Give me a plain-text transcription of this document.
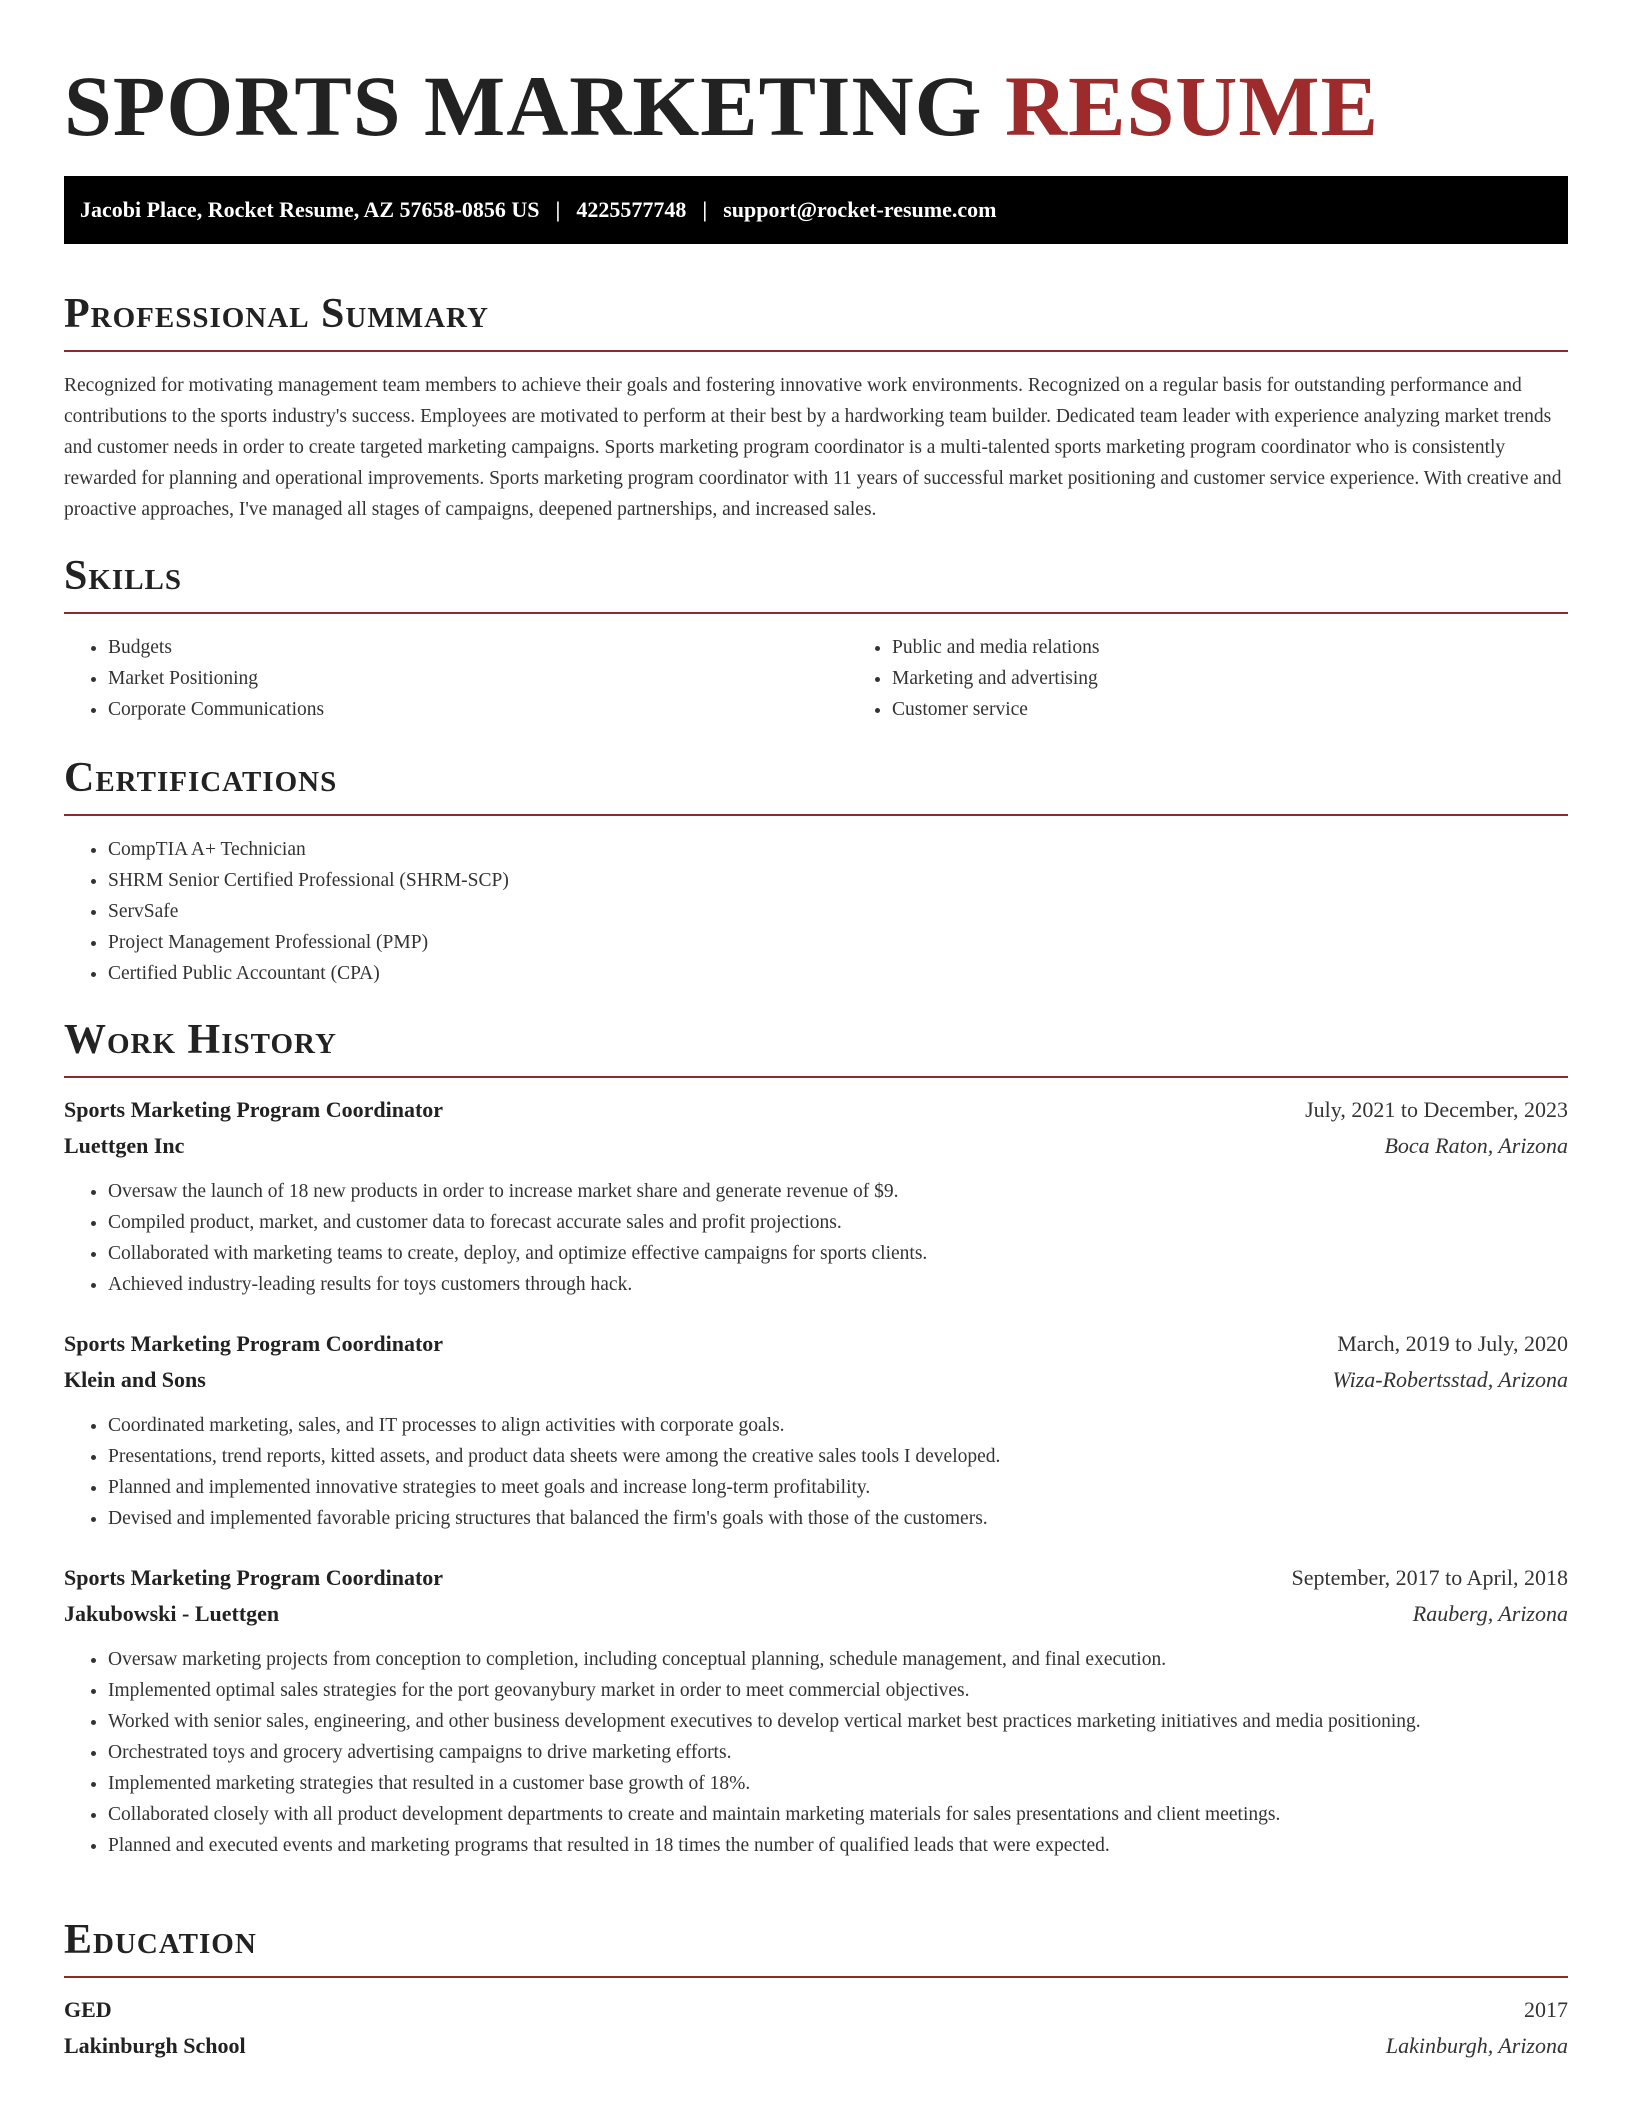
SPORTS MARKETING RESUME
Jacobi Place, Rocket Resume, AZ 57658-0856 US | 4225577748 | support@rocket-resume.com
Professional Summary

Recognized for motivating management team members to achieve their goals and fostering innovative work environments. Recognized on a regular basis for outstanding performance and contributions to the sports industry's success. Employees are motivated to perform at their best by a hardworking team builder. Dedicated team leader with experience analyzing market trends and customer needs in order to create targeted marketing campaigns. Sports marketing program coordinator is a multi-talented sports marketing program coordinator who is consistently rewarded for planning and operational improvements. Sports marketing program coordinator with 11 years of successful market positioning and customer service experience. With creative and proactive approaches, I've managed all stages of campaigns, deepened partnerships, and increased sales.

Skills
• Budgets
• Market Positioning
• Corporate Communications
• Public and media relations
• Marketing and advertising
• Customer service
Certifications
• CompTIA A+ Technician
• SHRM Senior Certified Professional (SHRM-SCP)
• ServSafe
• Project Management Professional (PMP)
• Certified Public Accountant (CPA)
Work History
Sports Marketing Program Coordinator	July, 2021 to December, 2023
Luettgen Inc	Boca Raton, Arizona
• Oversaw the launch of 18 new products in order to increase market share and generate revenue of $9.
• Compiled product, market, and customer data to forecast accurate sales and profit projections.
• Collaborated with marketing teams to create, deploy, and optimize effective campaigns for sports clients.
• Achieved industry-leading results for toys customers through hack.
Sports Marketing Program Coordinator	March, 2019 to July, 2020
Klein and Sons	Wiza-Robertsstad, Arizona
• Coordinated marketing, sales, and IT processes to align activities with corporate goals.
• Presentations, trend reports, kitted assets, and product data sheets were among the creative sales tools I developed.
• Planned and implemented innovative strategies to meet goals and increase long-term profitability.
• Devised and implemented favorable pricing structures that balanced the firm's goals with those of the customers.
Sports Marketing Program Coordinator	September, 2017 to April, 2018
Jakubowski - Luettgen	Rauberg, Arizona
• Oversaw marketing projects from conception to completion, including conceptual planning, schedule management, and final execution.
• Implemented optimal sales strategies for the port geovanybury market in order to meet commercial objectives.
• Worked with senior sales, engineering, and other business development executives to develop vertical market best practices marketing initiatives and media positioning.
• Orchestrated toys and grocery advertising campaigns to drive marketing efforts.
• Implemented marketing strategies that resulted in a customer base growth of 18%.
• Collaborated closely with all product development departments to create and maintain marketing materials for sales presentations and client meetings.
• Planned and executed events and marketing programs that resulted in 18 times the number of qualified leads that were expected.
Education
GED	2017
Lakinburgh School	Lakinburgh, Arizona
